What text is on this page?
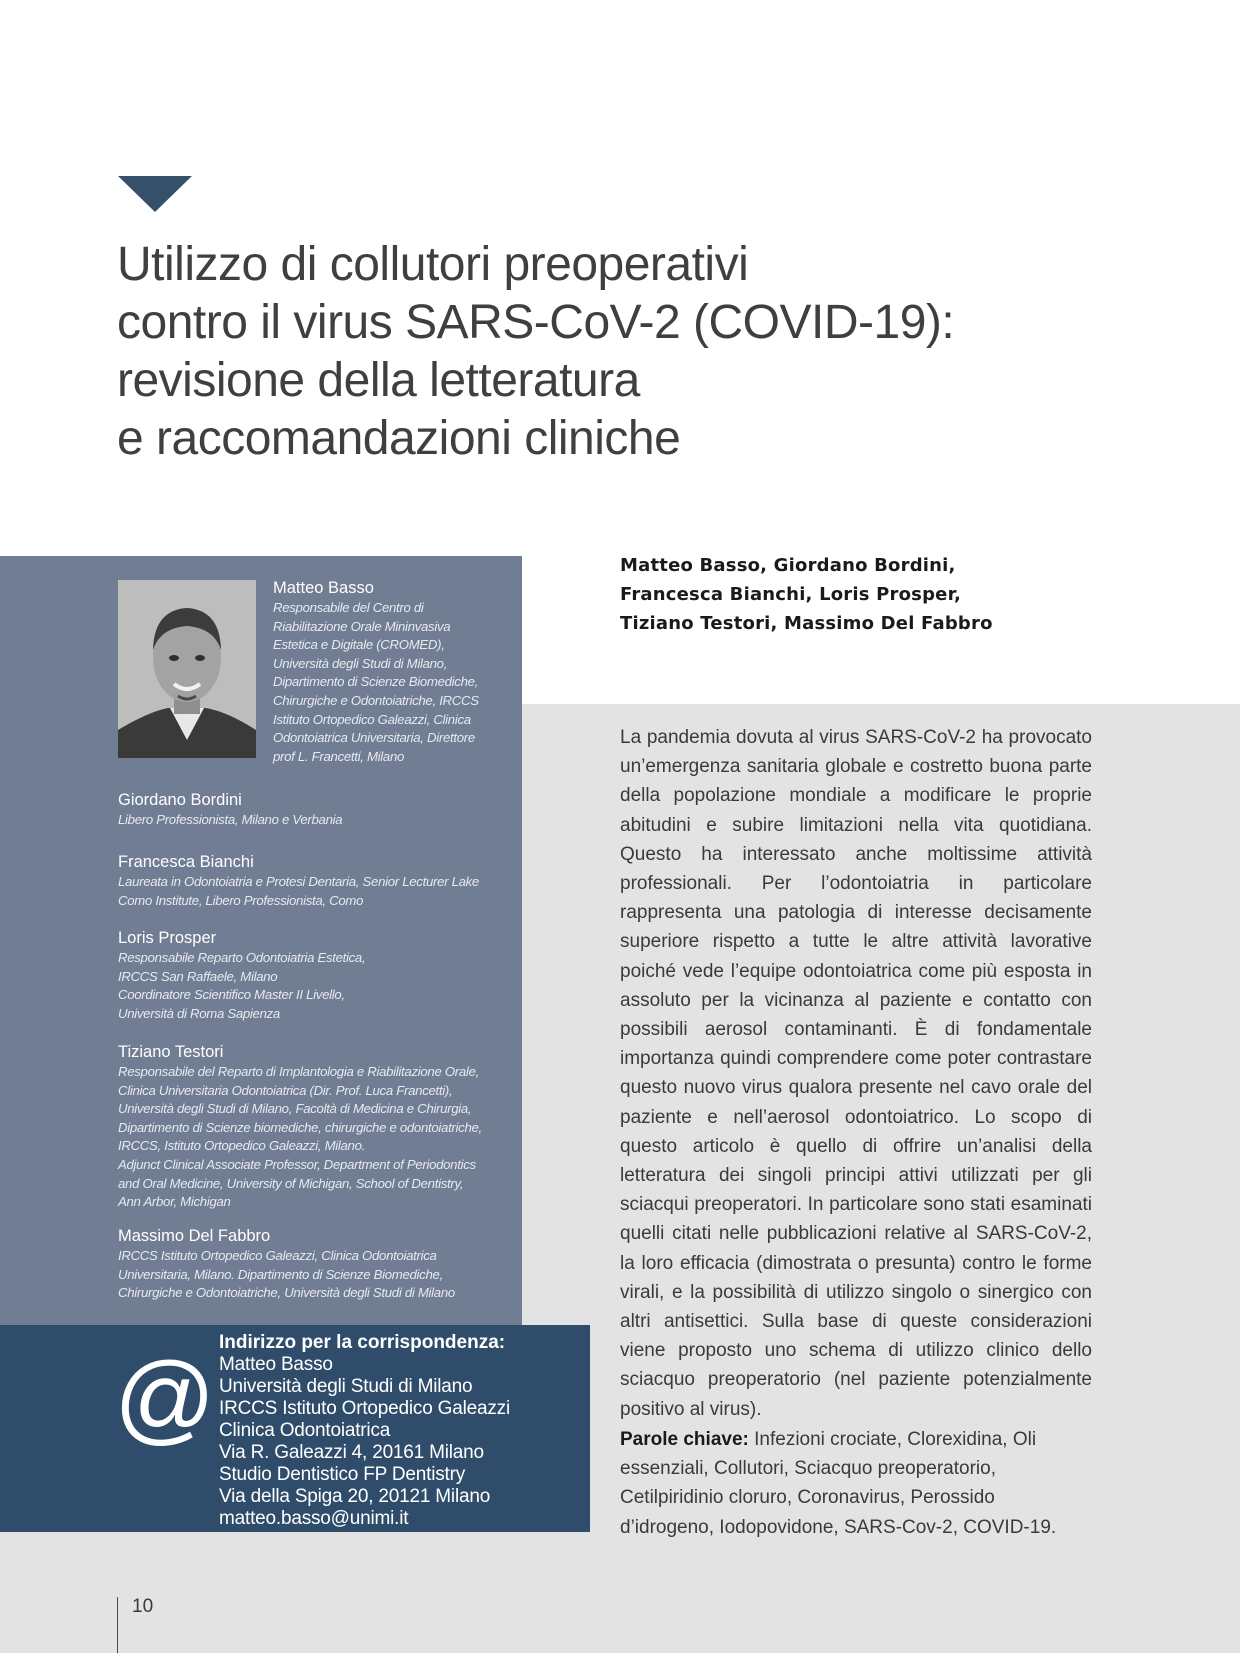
Utilizzo di collutori preoperativi
contro il virus SARS-CoV-2 (COVID-19):
revisione della letteratura
e raccomandazioni cliniche
Matteo Basso
Responsabile del Centro di
Riabilitazione Orale Mininvasiva
Estetica e Digitale (CROMED),
Università degli Studi di Milano,
Dipartimento di Scienze Biomediche,
Chirurgiche e Odontoiatriche, IRCCS
Istituto Ortopedico Galeazzi, Clinica
Odontoiatrica Universitaria, Direttore
prof L. Francetti, Milano
Giordano Bordini
Libero Professionista, Milano e Verbania
Francesca Bianchi
Laureata in Odontoiatria e Protesi Dentaria, Senior Lecturer Lake
Como Institute, Libero Professionista, Como
Loris Prosper
Responsabile Reparto Odontoiatria Estetica,
IRCCS San Raffaele, Milano
Coordinatore Scientifico Master II Livello,
Università di Roma Sapienza
Tiziano Testori
Responsabile del Reparto di Implantologia e Riabilitazione Orale,
Clinica Universitaria Odontoiatrica (Dir. Prof. Luca Francetti),
Università degli Studi di Milano, Facoltà di Medicina e Chirurgia,
Dipartimento di Scienze biomediche, chirurgiche e odontoiatriche,
IRCCS, Istituto Ortopedico Galeazzi, Milano.
Adjunct Clinical Associate Professor, Department of Periodontics
and Oral Medicine, University of Michigan, School of Dentistry,
Ann Arbor, Michigan
Massimo Del Fabbro
IRCCS Istituto Ortopedico Galeazzi, Clinica Odontoiatrica
Universitaria, Milano. Dipartimento di Scienze Biomediche,
Chirurgiche e Odontoiatriche, Università degli Studi di Milano
@ Indirizzo per la corrispondenza:
Matteo Basso
Università degli Studi di Milano
IRCCS Istituto Ortopedico Galeazzi
Clinica Odontoiatrica
Via R. Galeazzi 4, 20161 Milano
Studio Dentistico FP Dentistry
Via della Spiga 20, 20121 Milano
matteo.basso@unimi.it
Matteo Basso, Giordano Bordini,
Francesca Bianchi, Loris Prosper,
Tiziano Testori, Massimo Del Fabbro

La pandemia dovuta al virus SARS-CoV-2 ha provocato un’emergenza sanitaria globale e costretto buona parte della popolazione mondiale a modificare le proprie abitudini e subire limitazioni nella vita quotidiana. Questo ha interessato anche moltissime attività professionali. Per l’odontoiatria in particolare rappresenta una patologia di interesse decisamente superiore rispetto a tutte le altre attività lavorative poiché vede l’equipe odontoiatrica come più esposta in assoluto per la vicinanza al paziente e contatto con possibili aerosol contaminanti. È di fondamentale importanza quindi comprendere come poter contrastare questo nuovo virus qualora presente nel cavo orale del paziente e nell’aerosol odontoiatrico. Lo scopo di questo articolo è quello di offrire un’analisi della letteratura dei singoli principi attivi utilizzati per gli sciacqui preoperatori. In particolare sono stati esaminati quelli citati nelle pubblicazioni relative al SARS-CoV-2, la loro efficacia (dimostrata o presunta) contro le forme virali, e la possibilità di utilizzo singolo o sinergico con altri antisettici. Sulla base di queste considerazioni viene proposto uno schema di utilizzo clinico dello sciacquo preoperatorio (nel paziente potenzialmente positivo al virus).

Parole chiave: Infezioni crociate, Clorexidina, Oli essenziali, Collutori, Sciacquo preoperatorio, Cetilpiridinio cloruro, Coronavirus, Perossido d’idrogeno, Iodopovidone, SARS-Cov-2, COVID-19.

10
